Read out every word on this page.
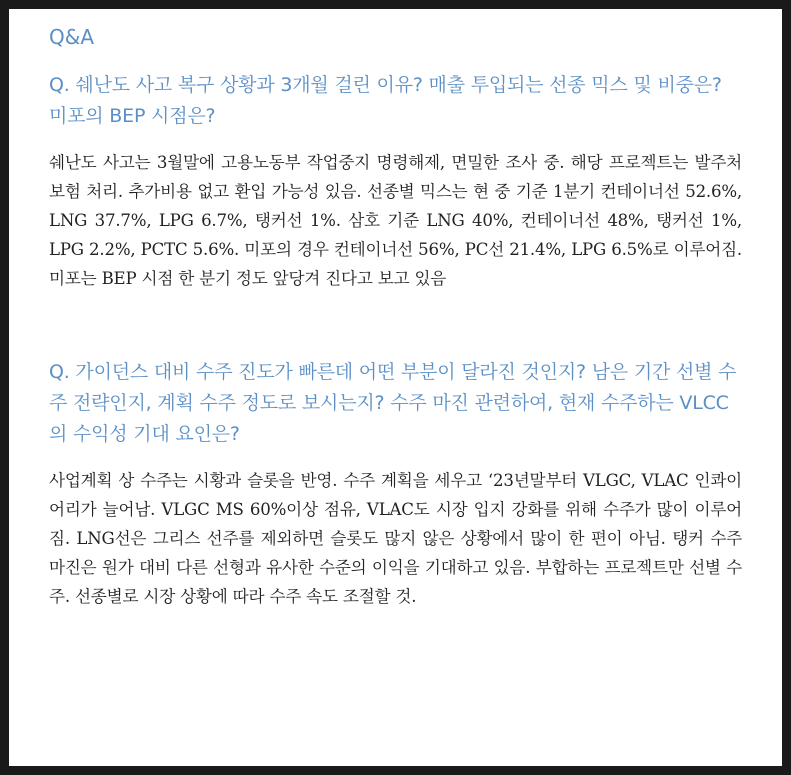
Q&A
Q. 쉐난도 사고 복구 상황과 3개월 걸린 이유? 매출 투입되는 선종 믹스 및 비중은? 미포의 BEP 시점은?

쉐난도 사고는 3월말에 고용노동부 작업중지 명령해제, 면밀한 조사 중. 해당 프로젝트는 발주처 보험 처리. 추가비용 없고 환입 가능성 있음. 선종별 믹스는 현 중 기준 1분기 컨테이너선 52.6%, LNG 37.7%, LPG 6.7%, 탱커선 1%. 삼호 기준 LNG 40%, 컨테이너선 48%, 탱커선 1%, LPG 2.2%, PCTC 5.6%. 미포의 경우 컨테이너선 56%, PC선 21.4%, LPG 6.5%로 이루어짐. 미포는 BEP 시점 한 분기 정도 앞당겨 진다고 보고 있음

Q. 가이던스 대비 수주 진도가 빠른데 어떤 부분이 달라진 것인지? 남은 기간 선별 수주 전략인지, 계획 수주 정도로 보시는지? 수주 마진 관련하여, 현재 수주하는 VLCC의 수익성 기대 요인은?

사업계획 상 수주는 시황과 슬롯을 반영. 수주 계획을 세우고 ‘23년말부터 VLGC, VLAC 인콰이어리가 늘어남. VLGC MS 60%이상 점유, VLAC도 시장 입지 강화를 위해 수주가 많이 이루어짐. LNG선은 그리스 선주를 제외하면 슬롯도 많지 않은 상황에서 많이 한 편이 아님. 탱커 수주 마진은 원가 대비 다른 선형과 유사한 수준의 이익을 기대하고 있음. 부합하는 프로젝트만 선별 수주. 선종별로 시장 상황에 따라 수주 속도 조절할 것.
